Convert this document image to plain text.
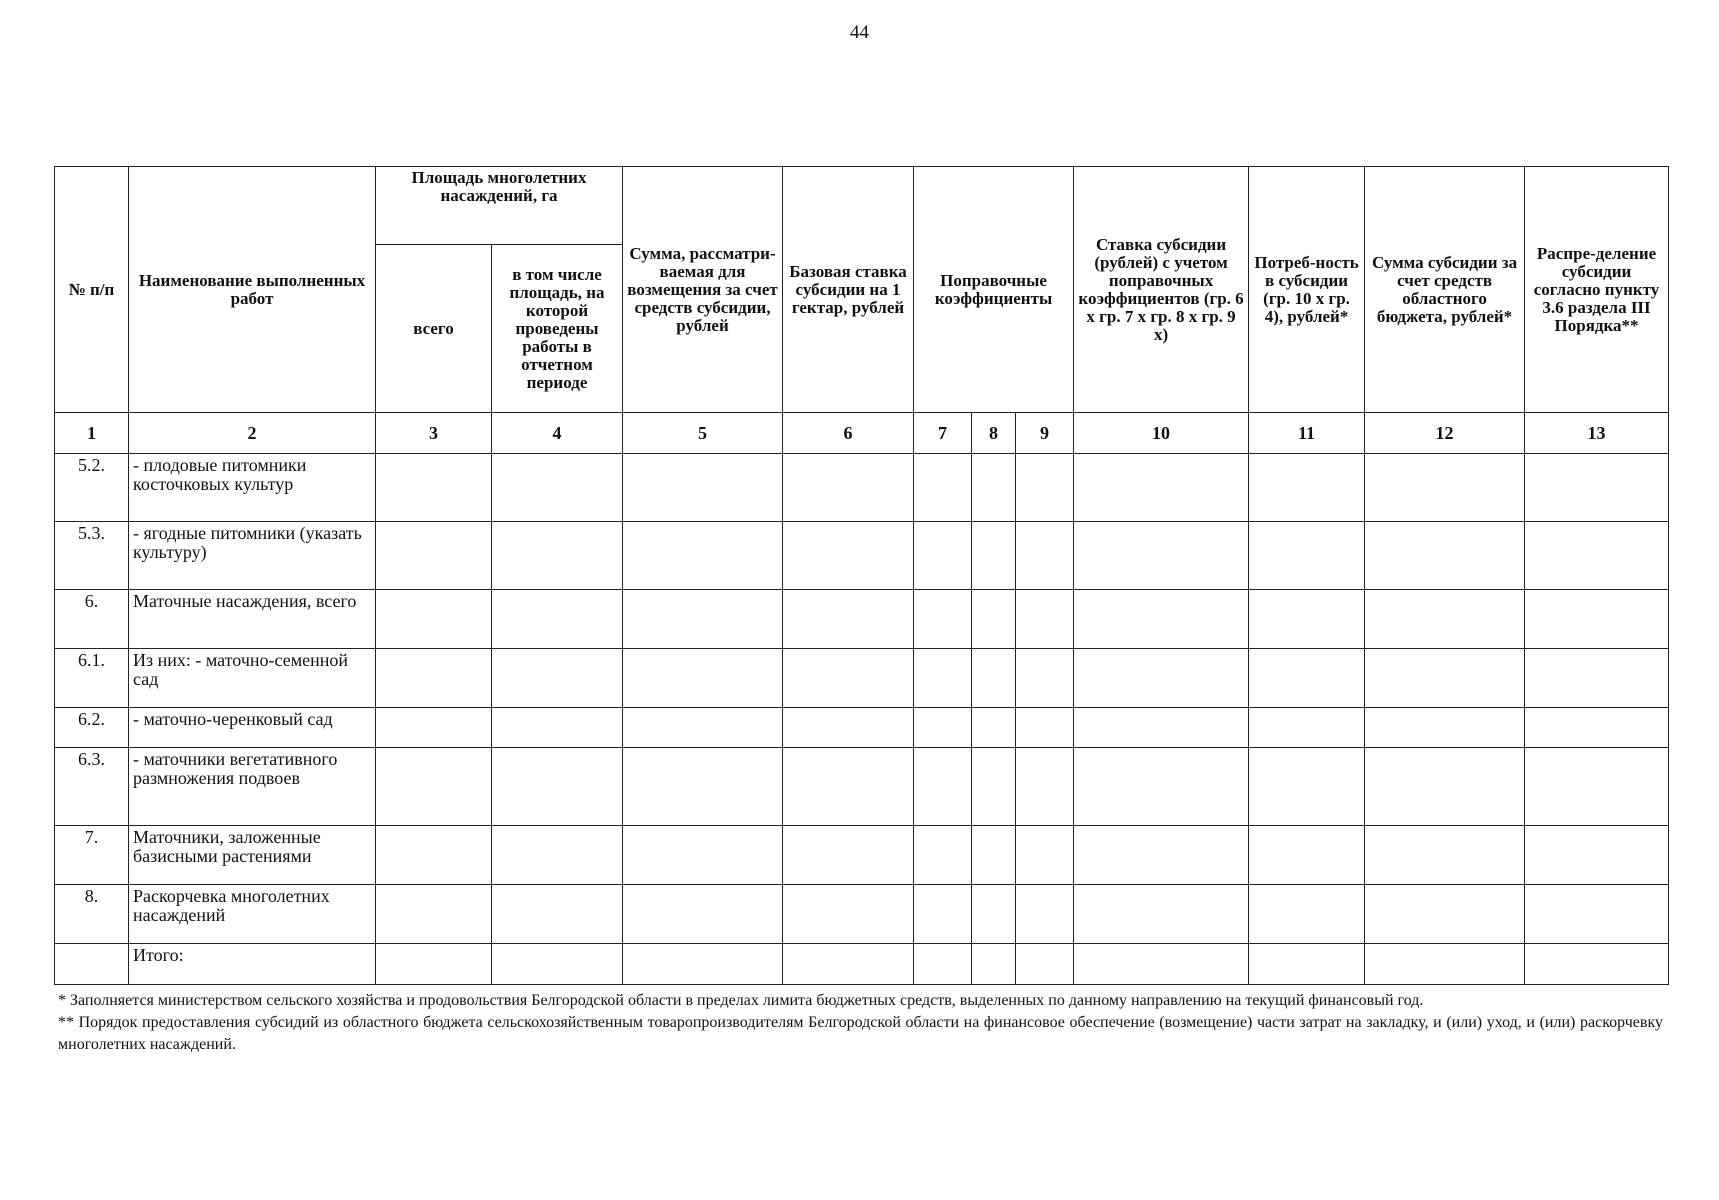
44
№ п/п	Наименование выполненных работ	Площадь многолетних насаждений, га		Сумма, рассматри-ваемая для возмещения за счет средств субсидии, рублей	Базовая ставка субсидии на 1 гектар, рублей	Поправочные коэффициенты			Ставка субсидии (рублей) с учетом поправочных коэффициентов (гр. 6 х гр. 7 х гр. 8 х гр. 9 х)	Потреб-ность в субсидии (гр. 10 х гр. 4), рублей*	Сумма субсидии за счет средств областного бюджета, рублей*	Распре-деление субсидии согласно пункту 3.6 раздела III Порядка**
		всего	в том числе площадь, на которой проведены работы в отчетном периоде									
1	2	3	4	5	6	7	8	9	10	11	12	13
5.2.	- плодовые питомники косточковых культур											
5.3.	- ягодные питомники (указать культуру)											
6.	Маточные насаждения, всего											
6.1.	Из них: - маточно-семенной сад											
6.2.	- маточно-черенковый сад											
6.3.	- маточники вегетативного размножения подвоев											
7.	Маточники, заложенные базисными растениями											
8.	Раскорчевка многолетних насаждений											
	Итого:											

* Заполняется министерством сельского хозяйства и продовольствия Белгородской области в пределах лимита бюджетных средств, выделенных по данному направлению на текущий финансовый год.

** Порядок предоставления субсидий из областного бюджета сельскохозяйственным товаропроизводителям Белгородской области на финансовое обеспечение (возмещение) части затрат на закладку, и (или) уход, и (или) раскорчевку многолетних насаждений.
